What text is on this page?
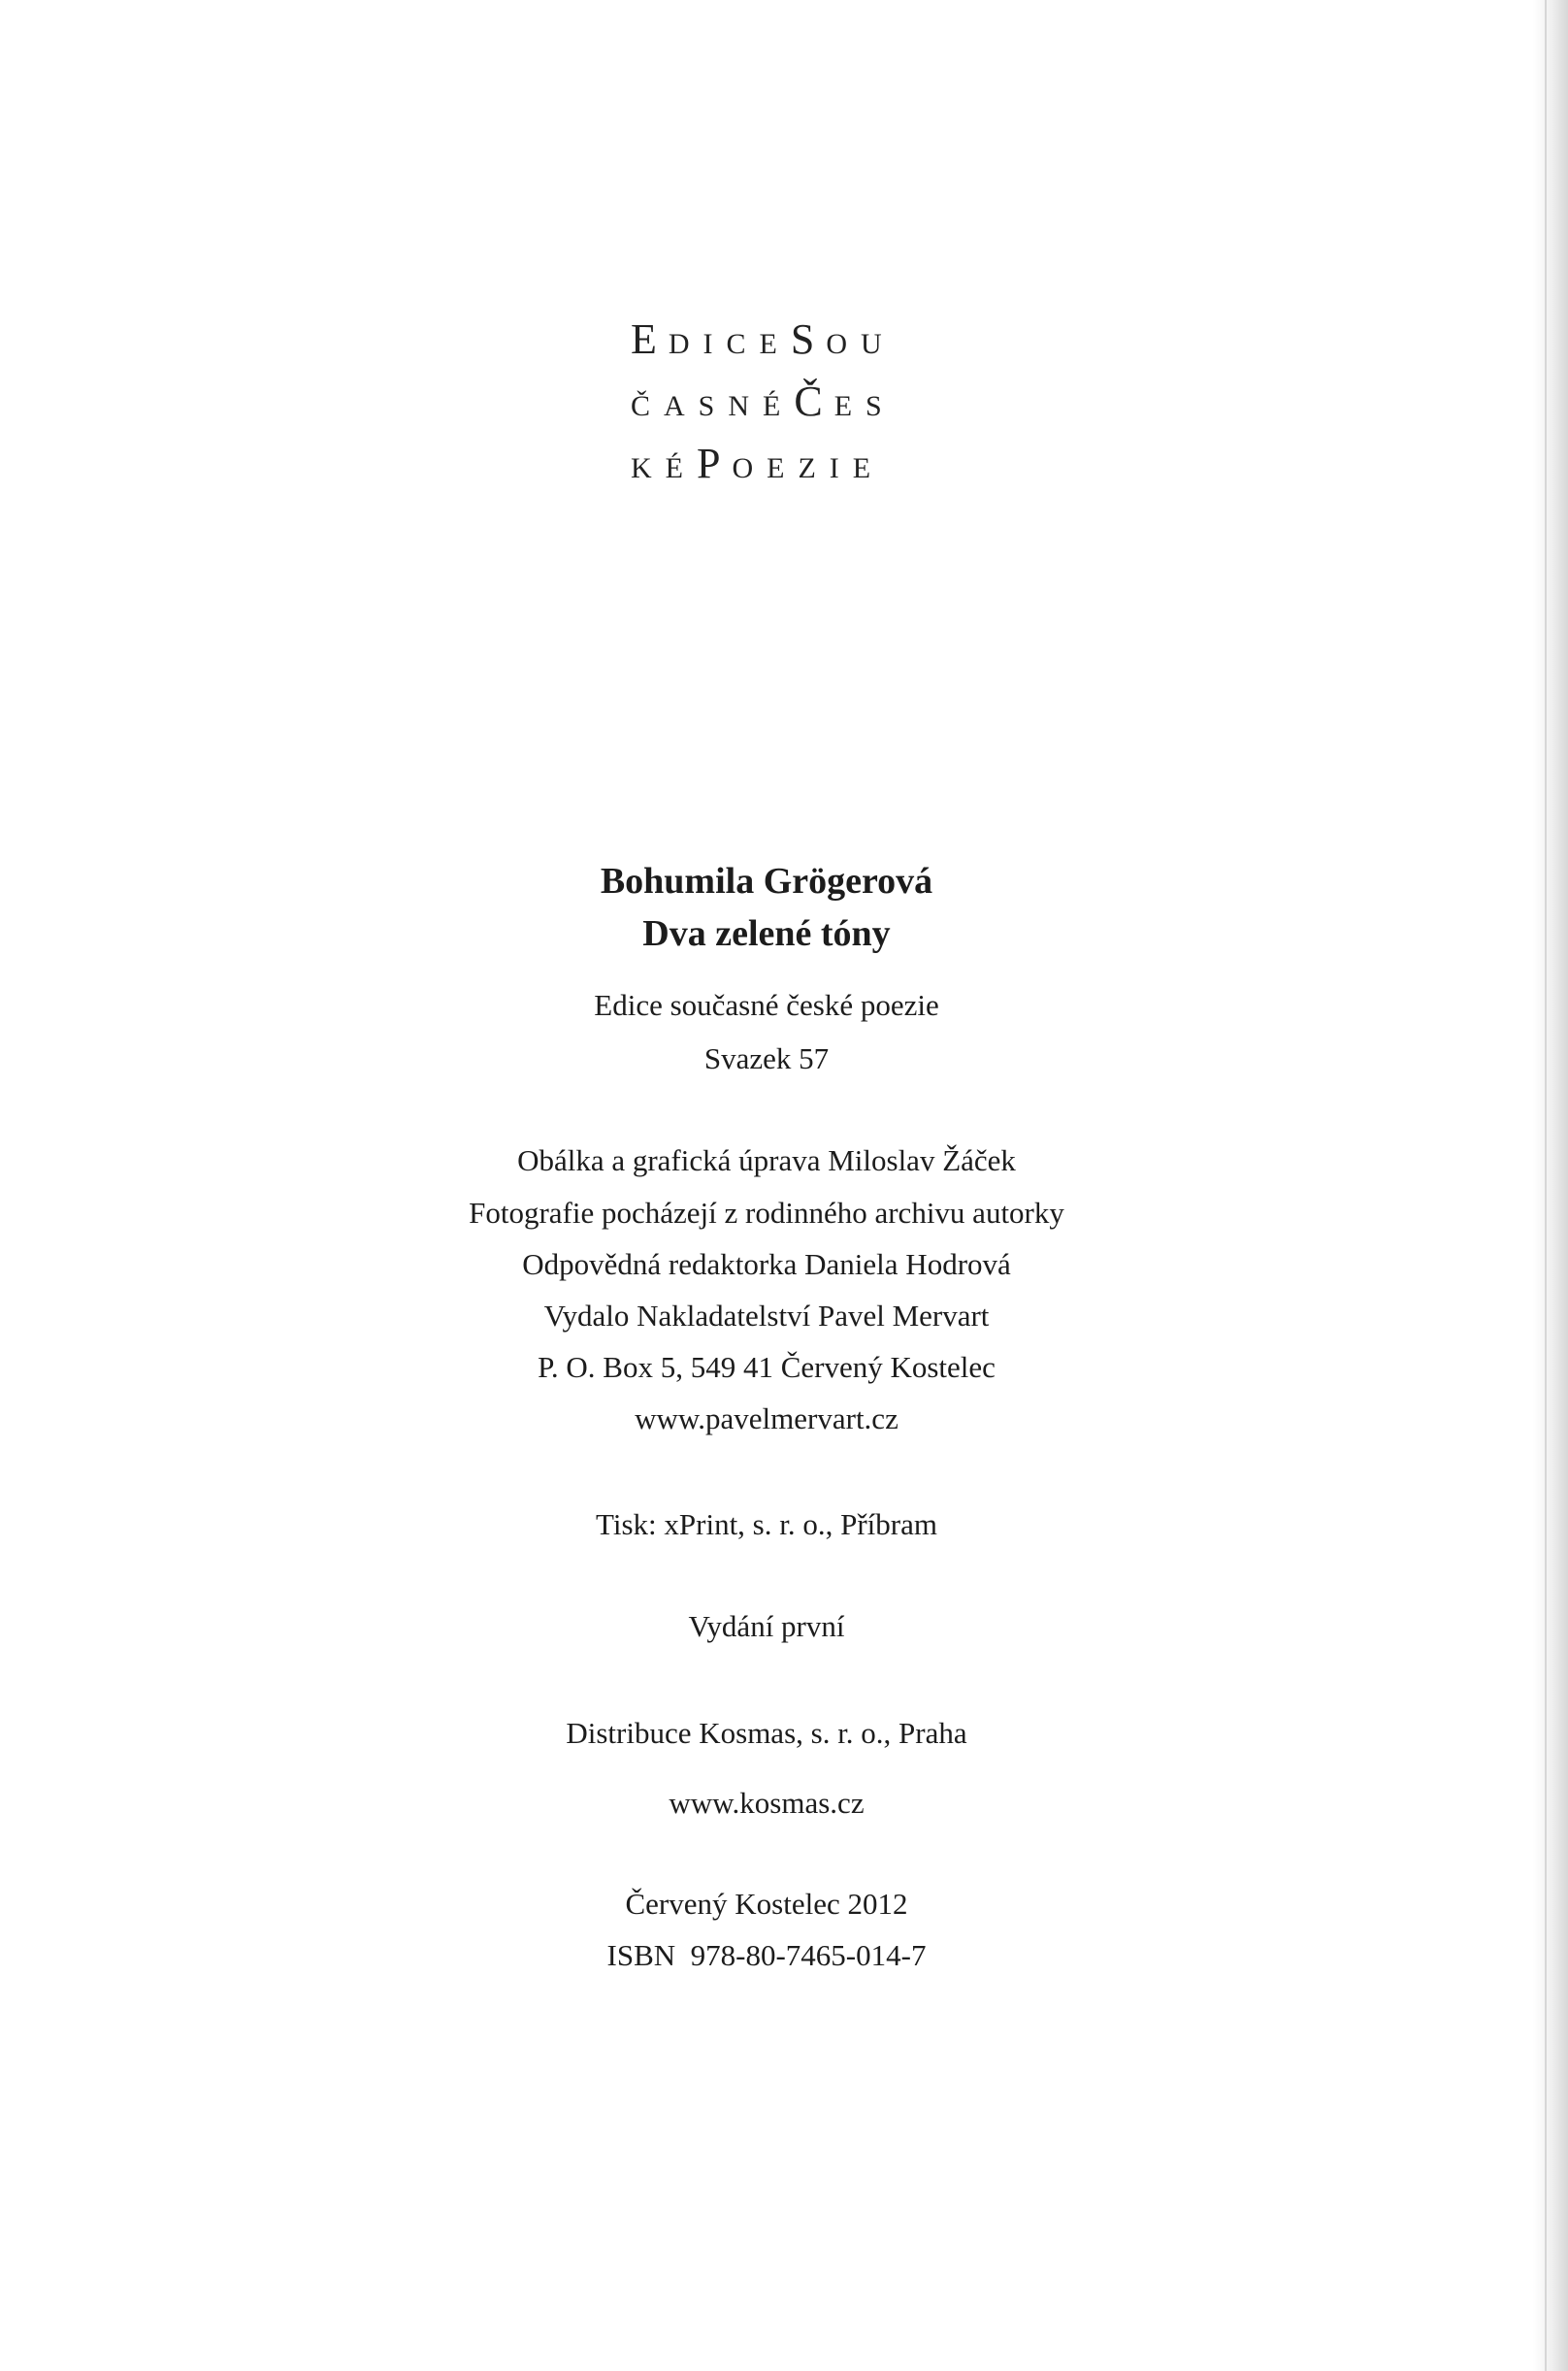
EDICESOU
ČASNÉČES
KÉPOEZIE
Bohumila Grögerová
Dva zelené tóny
Edice současné české poezie
Svazek 57
Obálka a grafická úprava Miloslav Žáček
Fotografie pocházejí z rodinného archivu autorky
Odpovědná redaktorka Daniela Hodrová
Vydalo Nakladatelství Pavel Mervart
P. O. Box 5, 549 41 Červený Kostelec
www.pavelmervart.cz
Tisk: xPrint, s. r. o., Příbram
Vydání první
Distribuce Kosmas, s. r. o., Praha
www.kosmas.cz
Červený Kostelec 2012
ISBN  978-80-7465-014-7
